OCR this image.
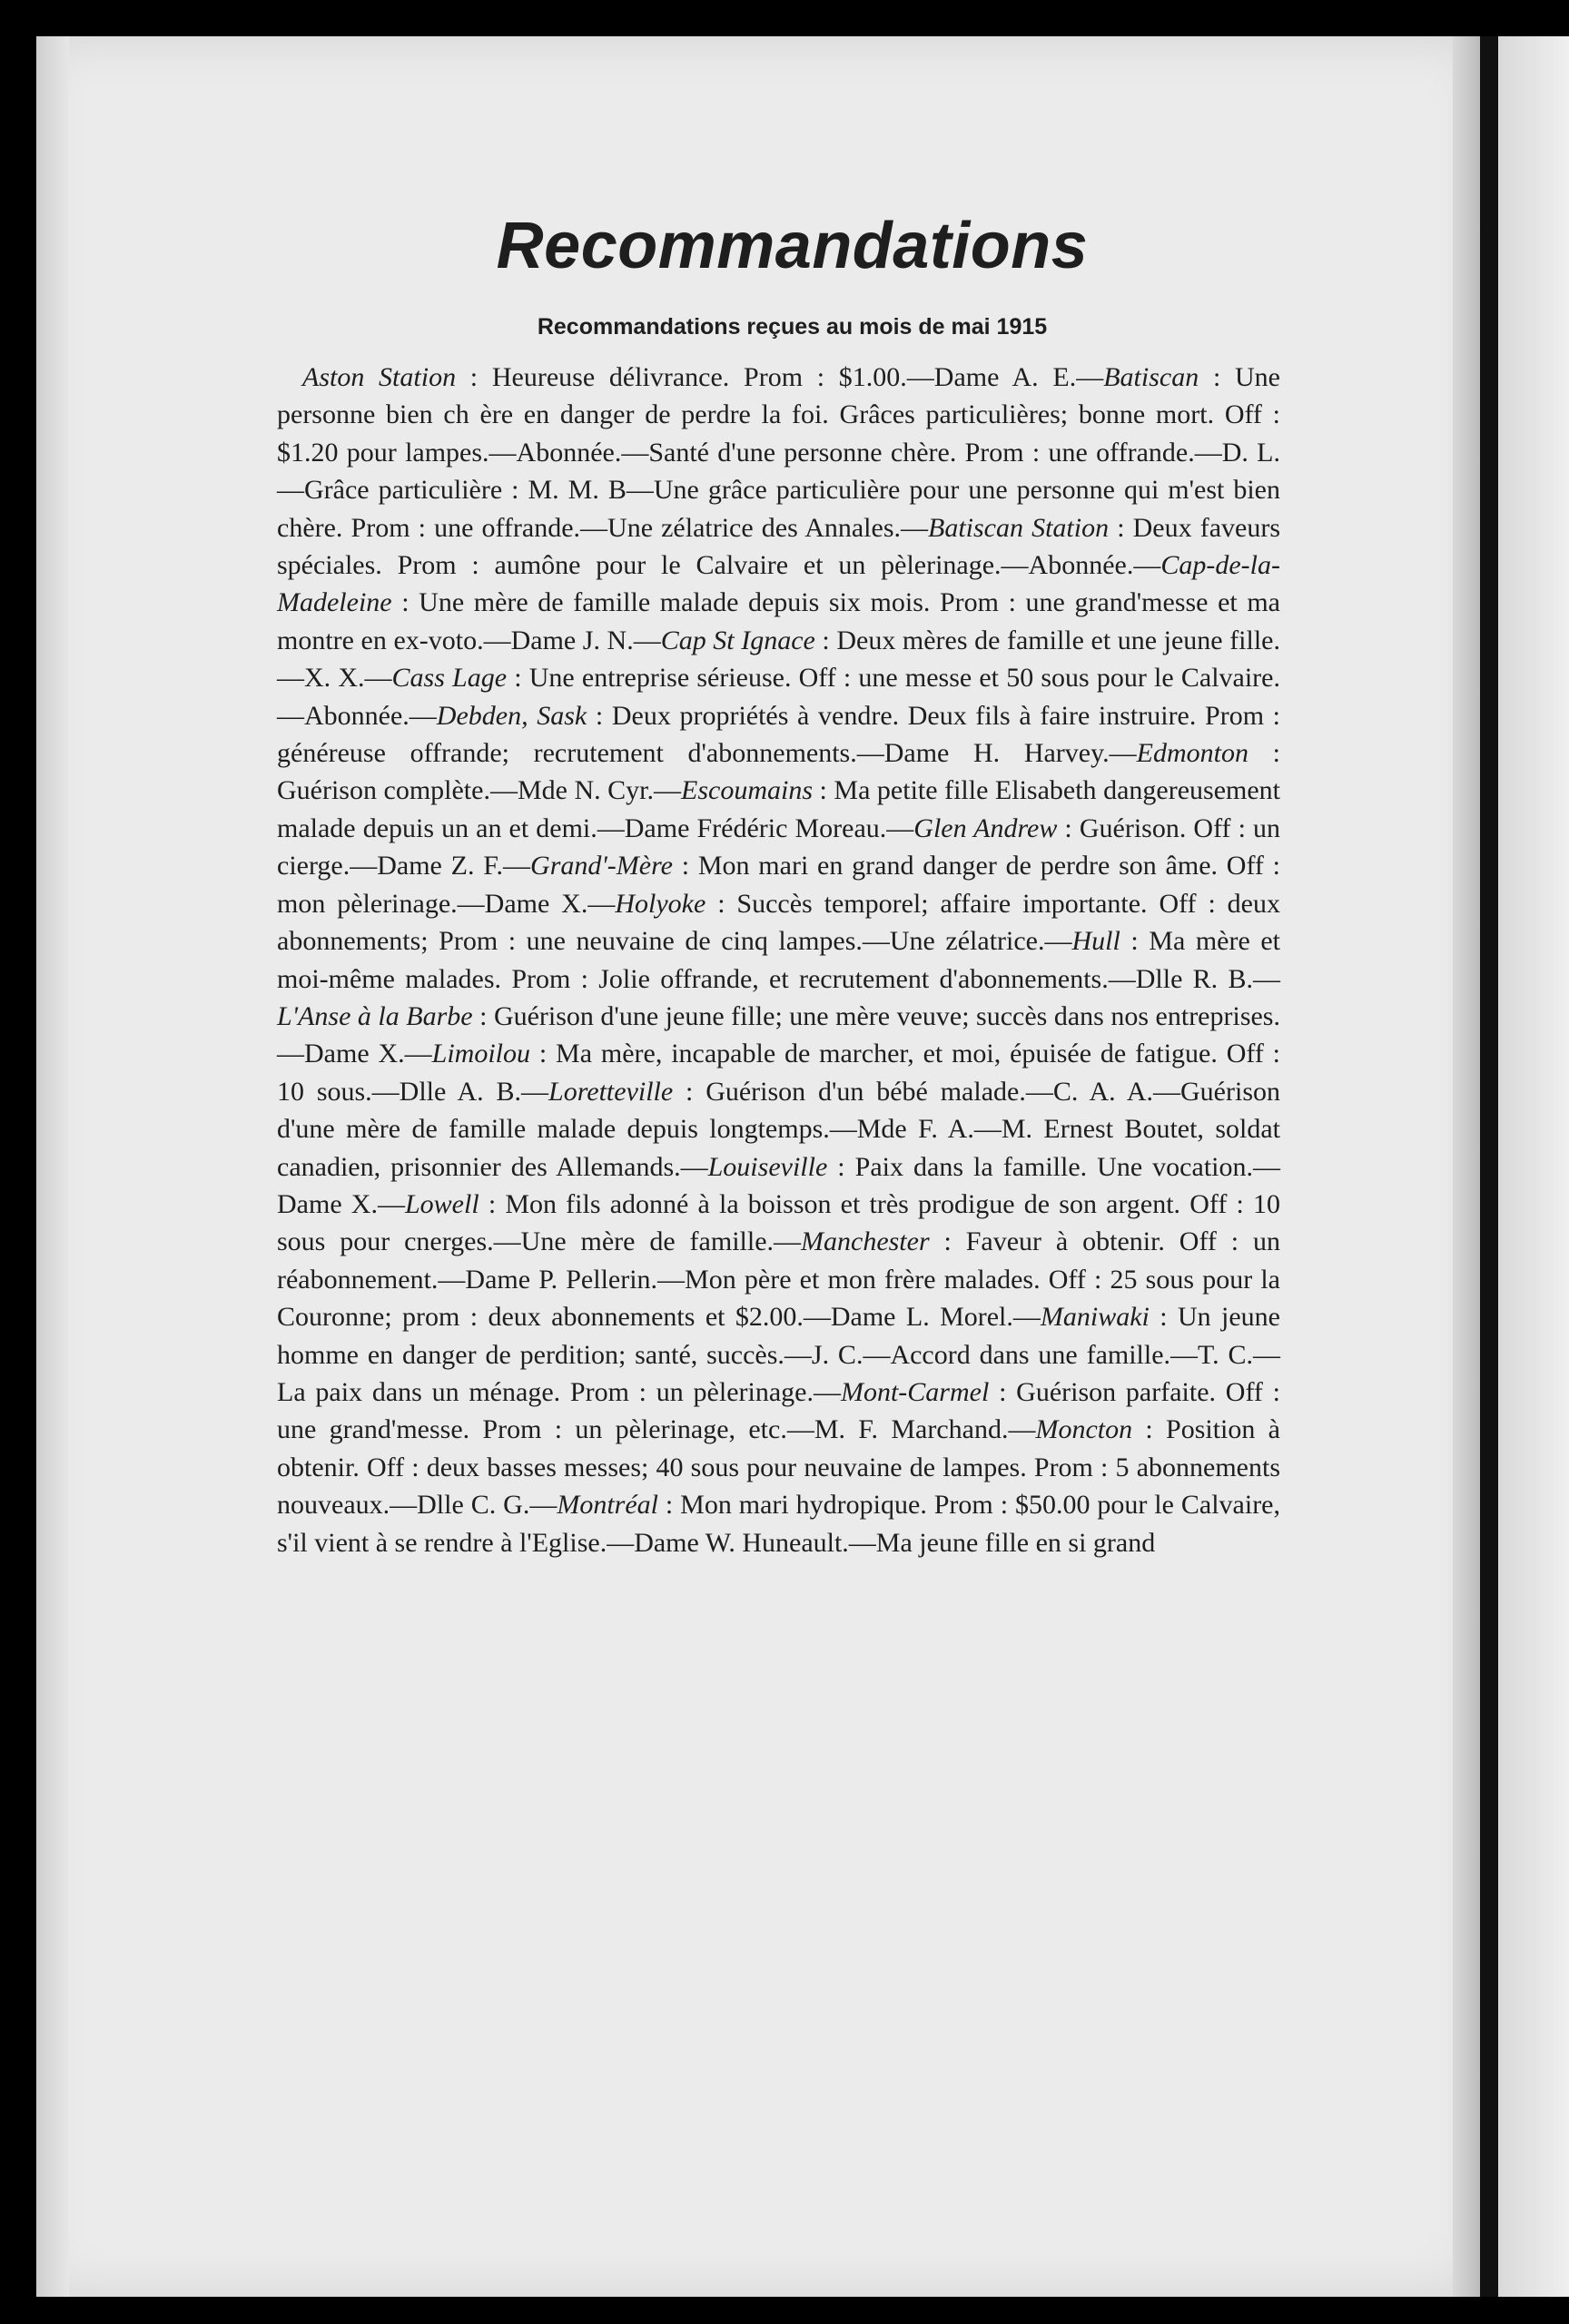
Recommandations
Recommandations reçues au mois de mai 1915

Aston Station : Heureuse délivrance. Prom : $1.00.—Dame A. E.—Batiscan : Une personne bien ch ère en danger de perdre la foi. Grâces particulières; bonne mort. Off : $1.20 pour lampes.—Abonnée.—Santé d'une personne chère. Prom : une offrande.—D. L.—Grâce particulière : M. M. B—Une grâce particulière pour une personne qui m'est bien chère. Prom : une offrande.—Une zélatrice des Annales.—Batiscan Station : Deux faveurs spéciales. Prom : aumône pour le Calvaire et un pèlerinage.—Abonnée.—Cap-de-la-Madeleine : Une mère de famille malade depuis six mois. Prom : une grand'messe et ma montre en ex-voto.—Dame J. N.—Cap St Ignace : Deux mères de famille et une jeune fille.—X. X.—Cass Lage : Une entreprise sérieuse. Off : une messe et 50 sous pour le Calvaire.—Abonnée.—Debden, Sask : Deux propriétés à vendre. Deux fils à faire instruire. Prom : généreuse offrande; recrutement d'abonnements.—Dame H. Harvey.—Edmonton : Guérison complète.—Mde N. Cyr.—Escoumains : Ma petite fille Elisabeth dangereusement malade depuis un an et demi.—Dame Frédéric Moreau.—Glen Andrew : Guérison. Off : un cierge.—Dame Z. F.—Grand'-Mère : Mon mari en grand danger de perdre son âme. Off : mon pèlerinage.—Dame X.—Holyoke : Succès temporel; affaire importante. Off : deux abonnements; Prom : une neuvaine de cinq lampes.—Une zélatrice.—Hull : Ma mère et moi-même malades. Prom : Jolie offrande, et recrutement d'abonnements.—Dlle R. B.—L'Anse à la Barbe : Guérison d'une jeune fille; une mère veuve; succès dans nos entreprises.—Dame X.—Limoilou : Ma mère, incapable de marcher, et moi, épuisée de fatigue. Off : 10 sous.—Dlle A. B.—Loretteville : Guérison d'un bébé malade.—C. A. A.—Guérison d'une mère de famille malade depuis longtemps.—Mde F. A.—M. Ernest Boutet, soldat canadien, prisonnier des Allemands.—Louiseville : Paix dans la famille. Une vocation.—Dame X.—Lowell : Mon fils adonné à la boisson et très prodigue de son argent. Off : 10 sous pour cnerges.—Une mère de famille.—Manchester : Faveur à obtenir. Off : un réabonnement.—Dame P. Pellerin.—Mon père et mon frère malades. Off : 25 sous pour la Couronne; prom : deux abonnements et $2.00.—Dame L. Morel.—Maniwaki : Un jeune homme en danger de perdition; santé, succès.—J. C.—Accord dans une famille.—T. C.—La paix dans un ménage. Prom : un pèlerinage.—Mont-Carmel : Guérison parfaite. Off : une grand'messe. Prom : un pèlerinage, etc.—M. F. Marchand.—Moncton : Position à obtenir. Off : deux basses messes; 40 sous pour neuvaine de lampes. Prom : 5 abonnements nouveaux.—Dlle C. G.—Montréal : Mon mari hydropique. Prom : $50.00 pour le Calvaire, s'il vient à se rendre à l'Eglise.—Dame W. Huneault.—Ma jeune fille en si grand
